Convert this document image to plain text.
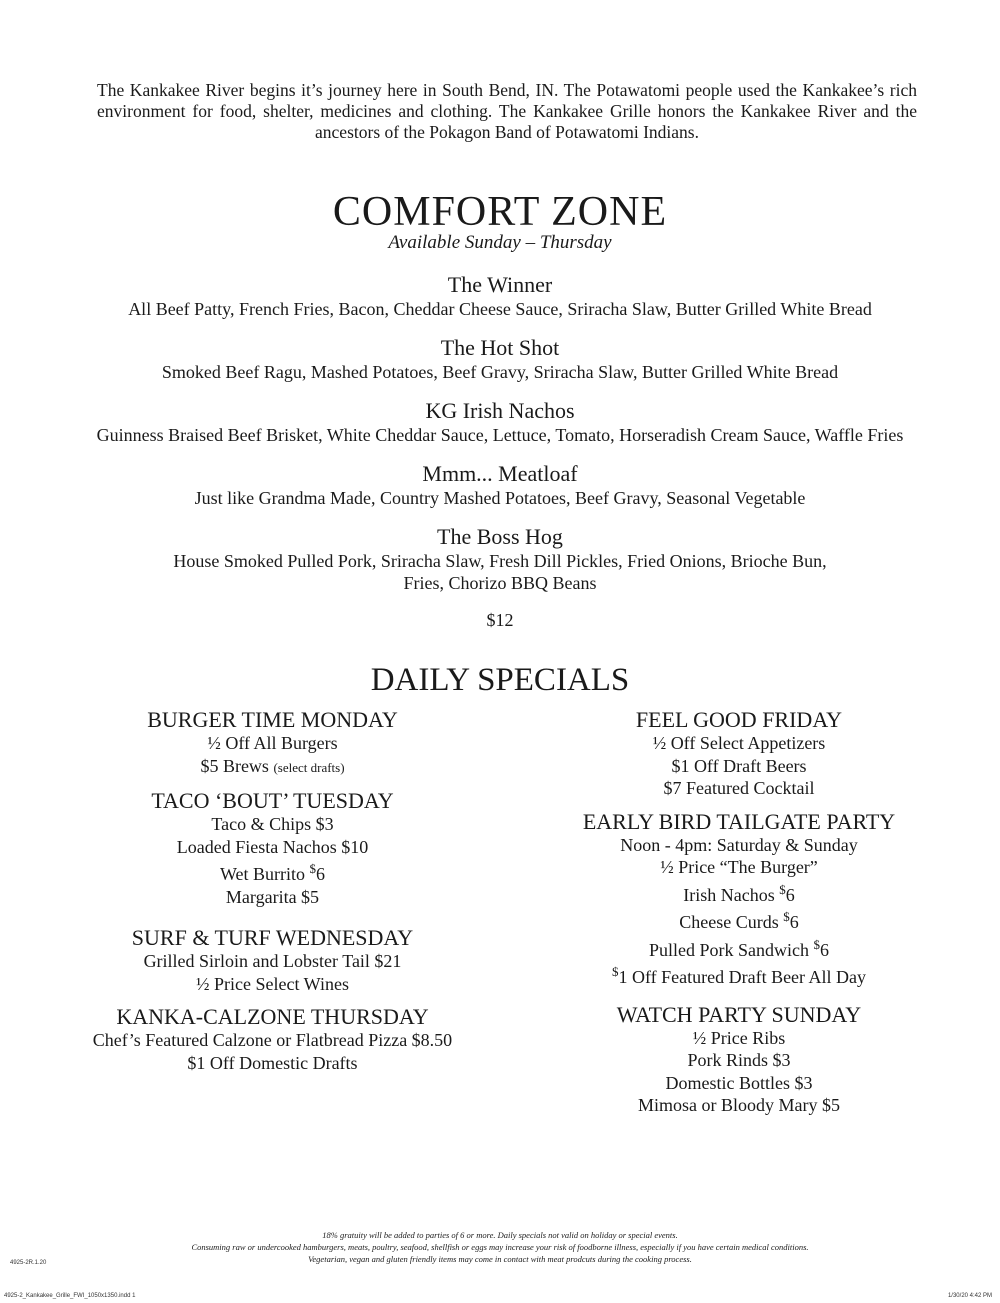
The Kankakee River begins it’s journey here in South Bend, IN. The Potawatomi people used the Kankakee’s rich environment for food, shelter, medicines and clothing. The Kankakee Grille honors the Kankakee River and the ancestors of the Pokagon Band of Potawatomi Indians.
COMFORT ZONE
Available Sunday – Thursday
The Winner
All Beef Patty, French Fries, Bacon, Cheddar Cheese Sauce, Sriracha Slaw, Butter Grilled White Bread
The Hot Shot
Smoked Beef Ragu, Mashed Potatoes, Beef Gravy, Sriracha Slaw, Butter Grilled White Bread
KG Irish Nachos
Guinness Braised Beef Brisket, White Cheddar Sauce, Lettuce, Tomato, Horseradish Cream Sauce, Waffle Fries
Mmm... Meatloaf
Just like Grandma Made, Country Mashed Potatoes, Beef Gravy, Seasonal Vegetable
The Boss Hog
House Smoked Pulled Pork, Sriracha Slaw, Fresh Dill Pickles, Fried Onions, Brioche Bun,
Fries, Chorizo BBQ Beans
$12
DAILY SPECIALS
BURGER TIME MONDAY
½ Off All Burgers
$5 Brews (select drafts)
TACO ‘BOUT’ TUESDAY
Taco & Chips $3
Loaded Fiesta Nachos $10
Wet Burrito $6
Margarita $5
SURF & TURF WEDNESDAY
Grilled Sirloin and Lobster Tail $21
½ Price Select Wines
KANKA-CALZONE THURSDAY
Chef’s Featured Calzone or Flatbread Pizza $8.50
$1 Off Domestic Drafts
FEEL GOOD FRIDAY
½ Off Select Appetizers
$1 Off Draft Beers
$7 Featured Cocktail
EARLY BIRD TAILGATE PARTY
Noon - 4pm: Saturday & Sunday
½ Price “The Burger”
Irish Nachos $6
Cheese Curds $6
Pulled Pork Sandwich $6
$1 Off Featured Draft Beer All Day
WATCH PARTY SUNDAY
½ Price Ribs
Pork Rinds $3
Domestic Bottles $3
Mimosa or Bloody Mary $5
18% gratuity will be added to parties of 6 or more. Daily specials not valid on holiday or special events.
Consuming raw or undercooked hamburgers, meats, poultry, seafood, shellfish or eggs may increase your risk of foodborne illness, especially if you have certain medical conditions.
Vegetarian, vegan and gluten friendly items may come in contact with meat prodcuts during the cooking process.
4925-2R.1.20
4925-2_Kankakee_Grille_FWI_1050x1350.indd 1	1/30/20 4:42 PM
